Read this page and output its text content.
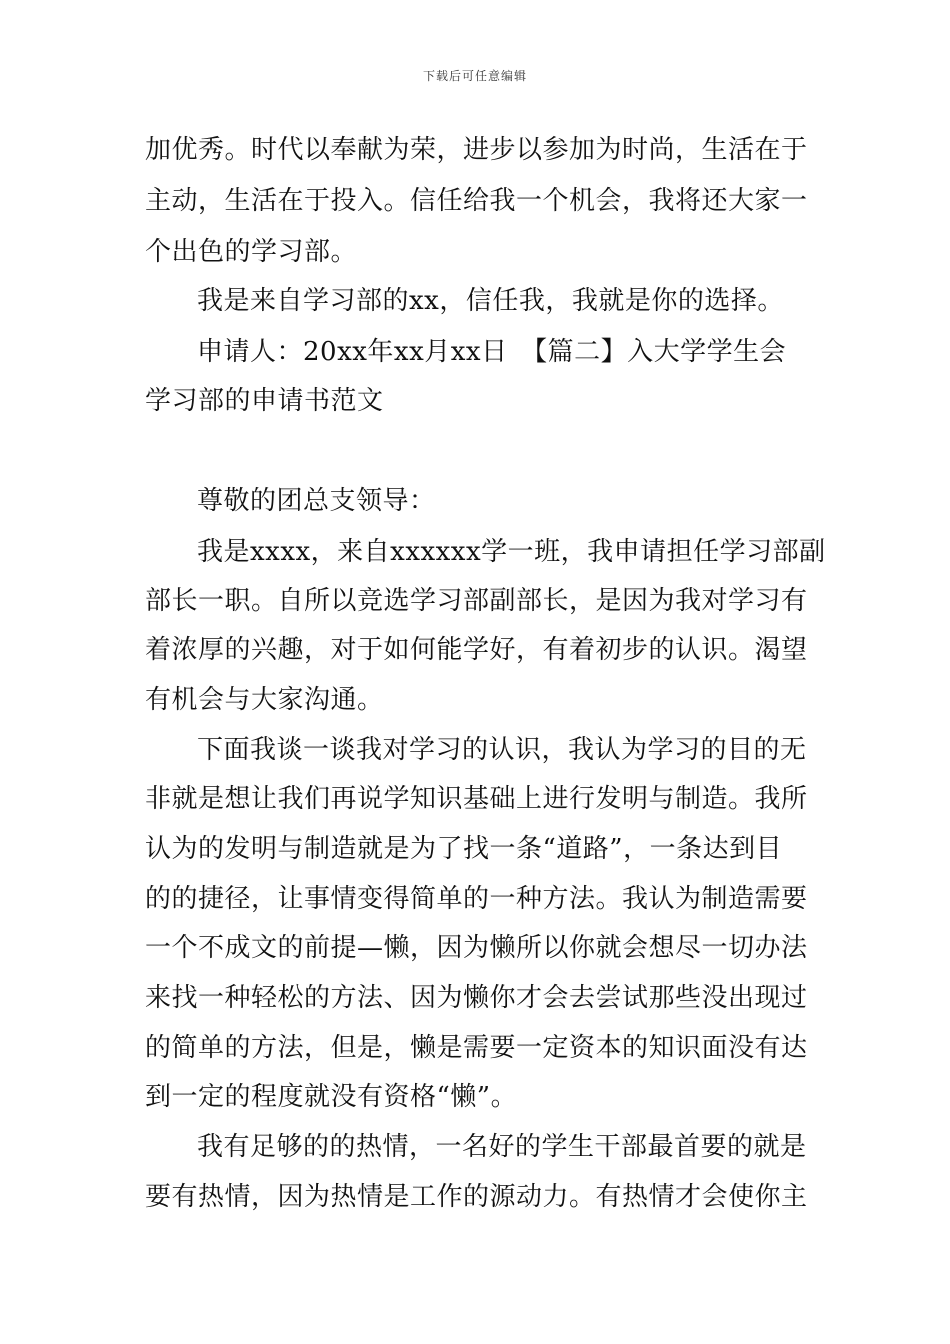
下载后可任意编辑
加优秀。时代以奉献为荣，进步以参加为时尚，生活在于
主动，生活在于投入。信任给我一个机会，我将还大家一
个出色的学习部。
我是来自学习部的xx，信任我，我就是你的选择。
申请人：20xx年xx月xx日　【篇二】入大学学生会
学习部的申请书范文
尊敬的团总支领导：
我是xxxx，来自xxxxxx学一班，我申请担任学习部副
部长一职。自所以竞选学习部副部长，是因为我对学习有
着浓厚的兴趣，对于如何能学好，有着初步的认识。渴望
有机会与大家沟通。
下面我谈一谈我对学习的认识，我认为学习的目的无
非就是想让我们再说学知识基础上进行发明与制造。我所
认为的发明与制造就是为了找一条“道路”，一条达到目
的的捷径，让事情变得简单的一种方法。我认为制造需要
一个不成文的前提—懒，因为懒所以你就会想尽一切办法
来找一种轻松的方法、因为懒你才会去尝试那些没出现过
的简单的方法，但是，懒是需要一定资本的知识面没有达
到一定的程度就没有资格“懒”。
我有足够的的热情，一名好的学生干部最首要的就是
要有热情，因为热情是工作的源动力。有热情才会使你主
